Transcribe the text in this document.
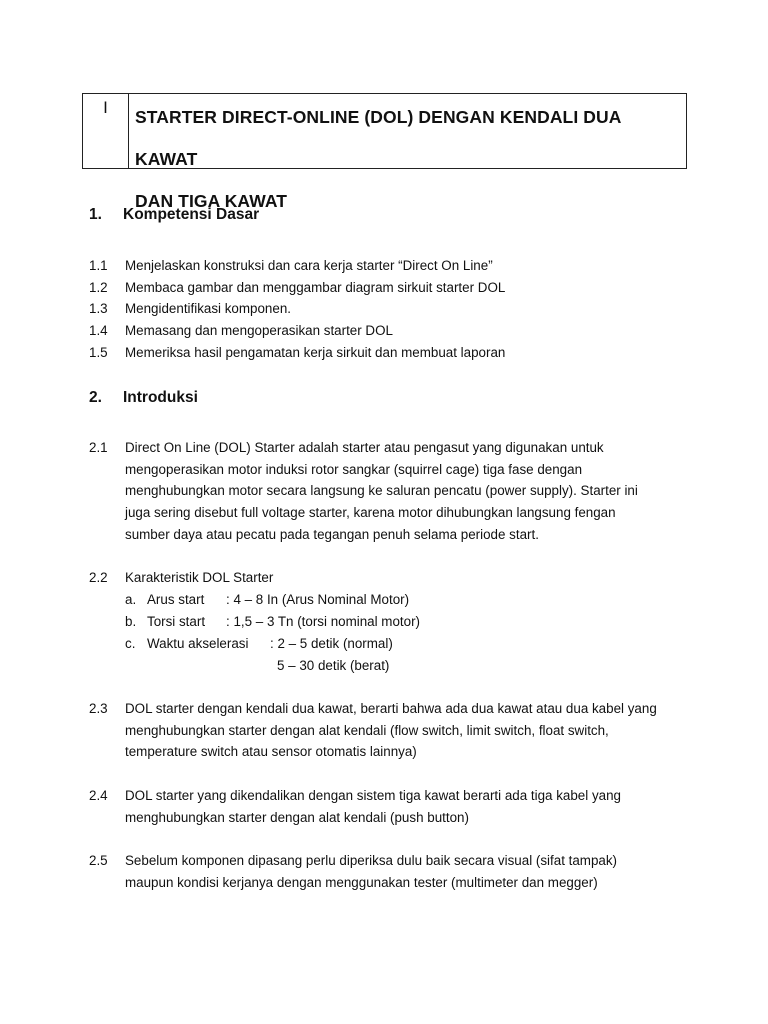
I	STARTER DIRECT-ONLINE (DOL) DENGAN KENDALI DUA KAWAT
DAN TIGA KAWAT
1. Kompetensi Dasar
1.1 Menjelaskan konstruksi dan cara kerja starter “Direct On Line”
1.2 Membaca gambar dan menggambar diagram sirkuit starter DOL
1.3 Mengidentifikasi komponen.
1.4 Memasang dan mengoperasikan starter DOL
1.5 Memeriksa hasil pengamatan kerja sirkuit dan membuat laporan
2. Introduksi
2.1 Direct On Line (DOL) Starter adalah starter atau pengasut yang digunakan untuk
mengoperasikan motor induksi rotor sangkar (squirrel cage) tiga fase dengan
menghubungkan motor secara langsung ke saluran pencatu (power supply). Starter ini
juga sering disebut full voltage starter, karena motor dihubungkan langsung fengan
sumber daya atau pecatu pada tegangan penuh selama periode start.
2.2 Karakteristik DOL Starter
a. Arus start : 4 – 8 In (Arus Nominal Motor)
b. Torsi start : 1,5 – 3 Tn (torsi nominal motor)
c. Waktu akselerasi : 2 – 5 detik (normal)
5 – 30 detik (berat)
2.3 DOL starter dengan kendali dua kawat, berarti bahwa ada dua kawat atau dua kabel yang
menghubungkan starter dengan alat kendali (flow switch, limit switch, float switch,
temperature switch atau sensor otomatis lainnya)
2.4 DOL starter yang dikendalikan dengan sistem tiga kawat berarti ada tiga kabel yang
menghubungkan starter dengan alat kendali (push button)
2.5 Sebelum komponen dipasang perlu diperiksa dulu baik secara visual (sifat tampak)
maupun kondisi kerjanya dengan menggunakan tester (multimeter dan megger)
